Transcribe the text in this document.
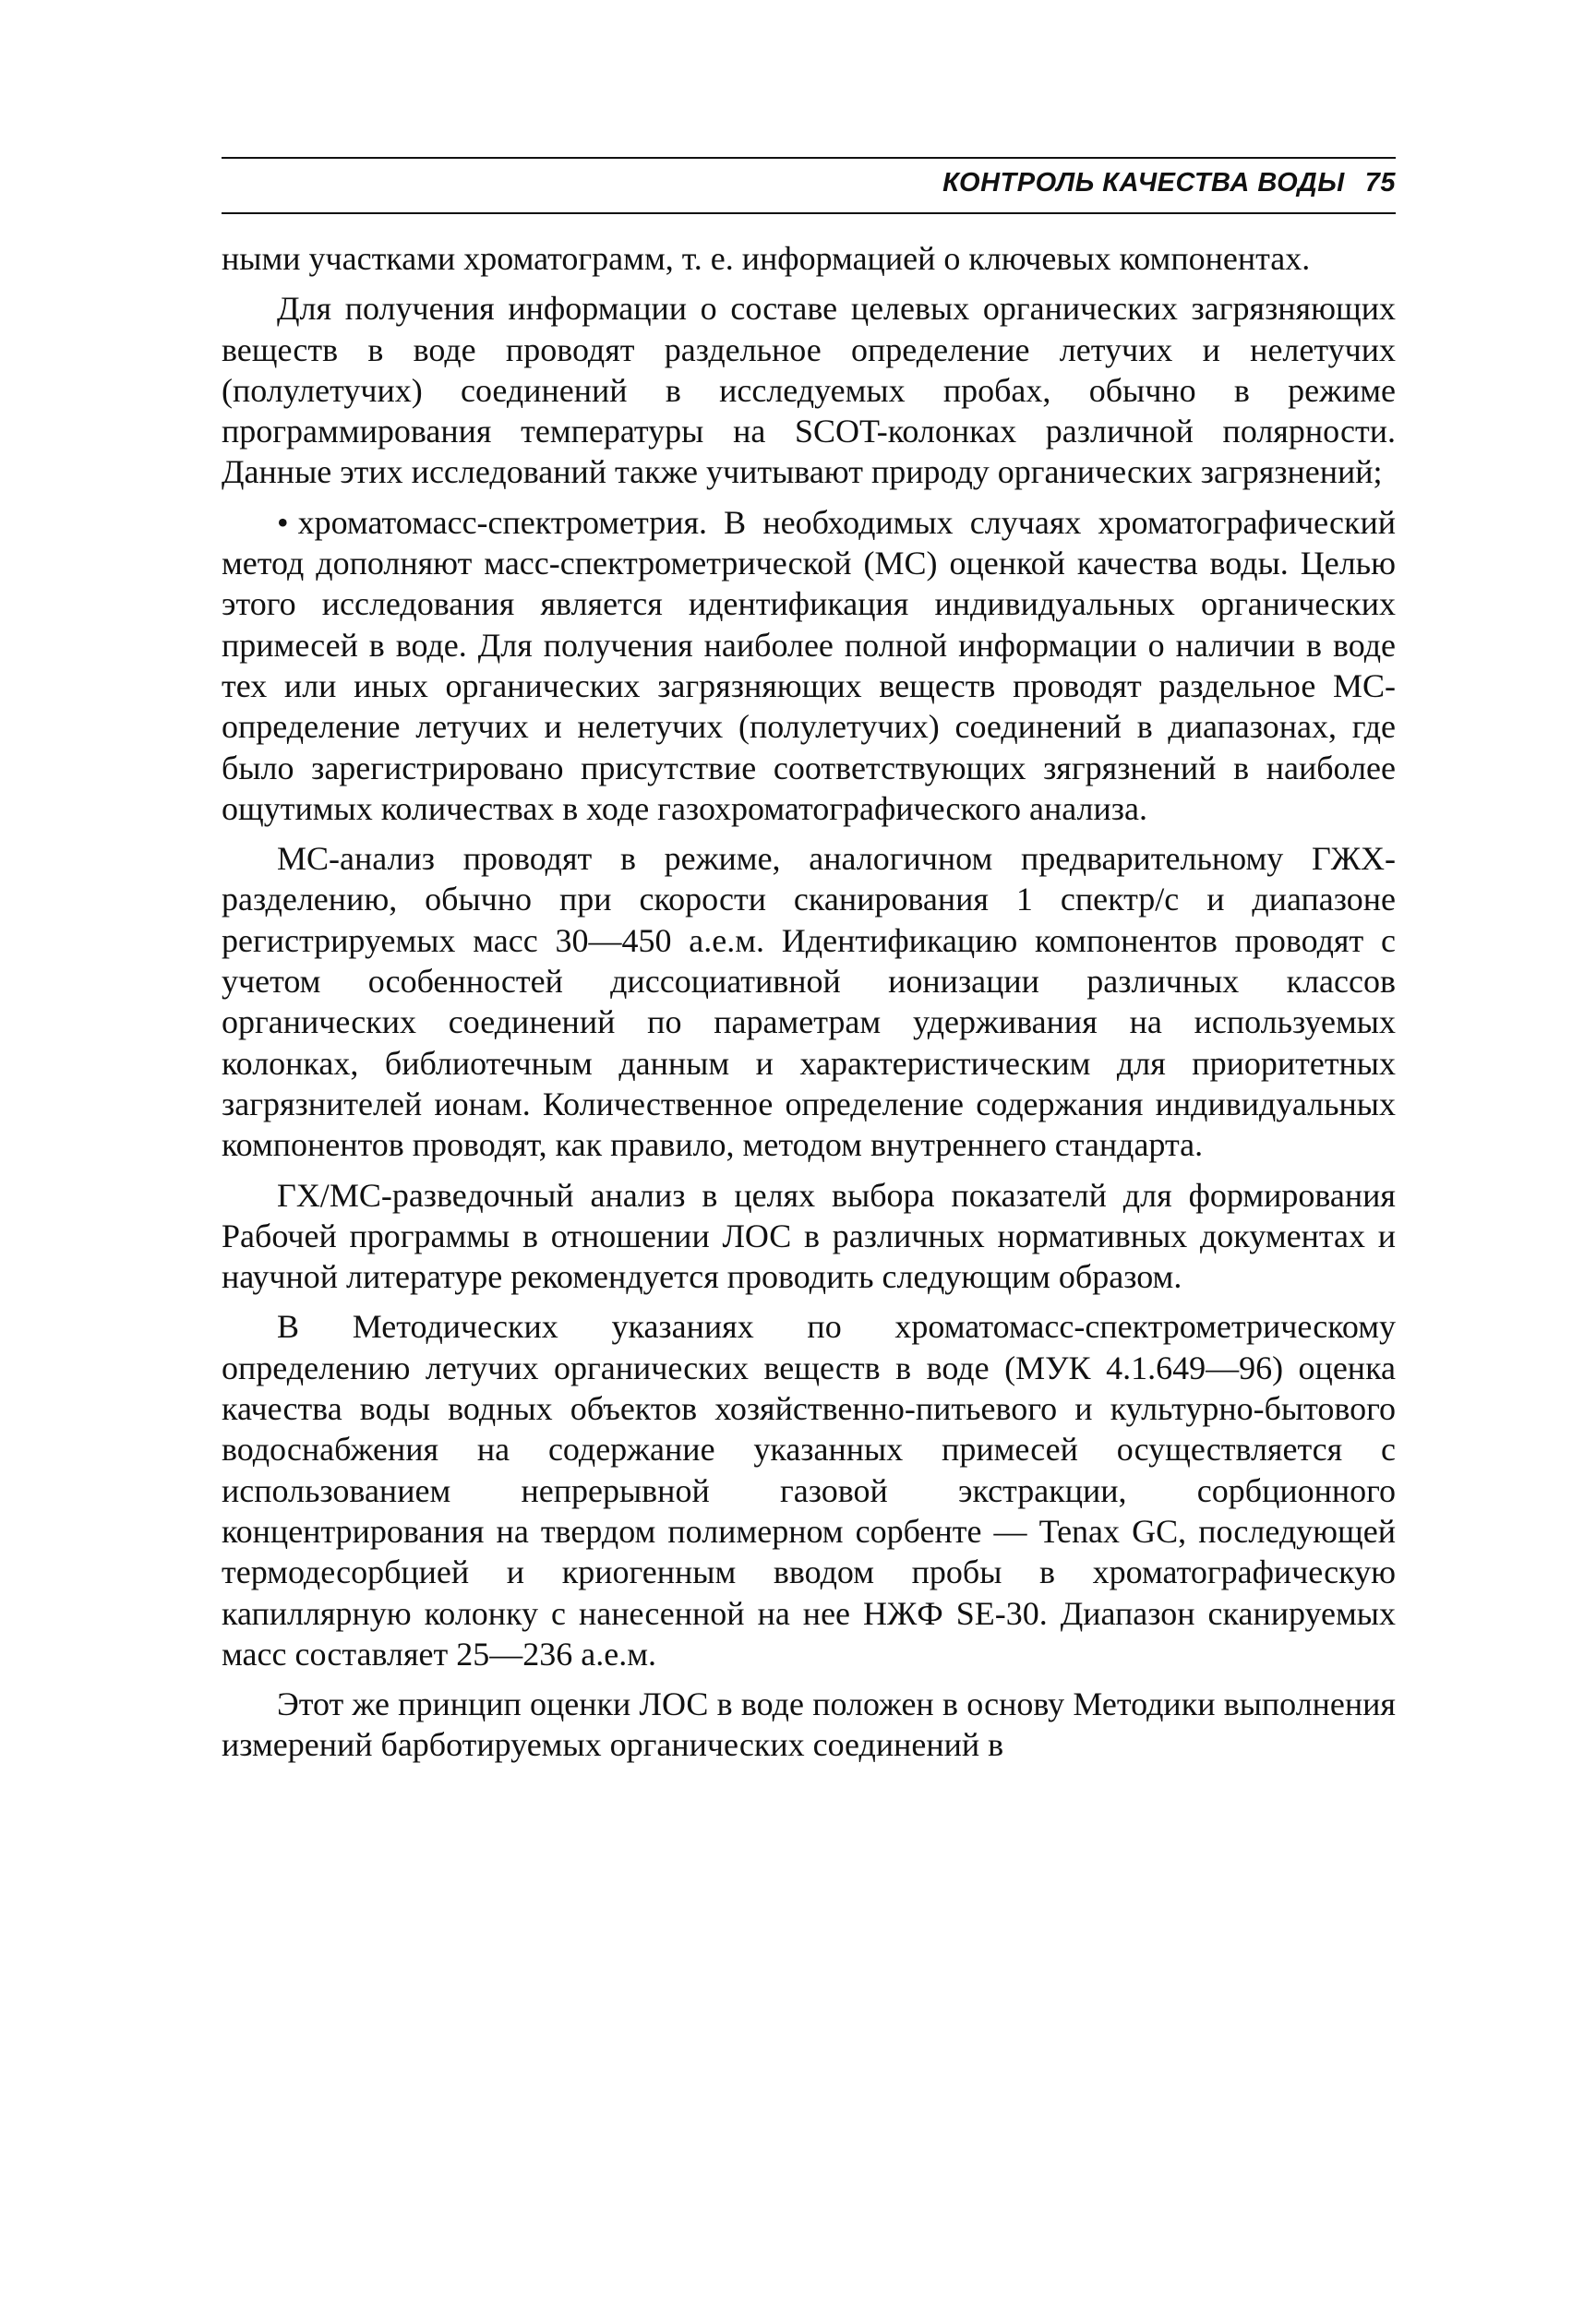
КОНТРОЛЬ КАЧЕСТВА ВОДЫ 75

ными участками хроматограмм, т. е. информацией о ключевых компонентах.

Для получения информации о составе целевых органических загрязняющих веществ в воде проводят раздельное определение летучих и нелетучих (полулетучих) соединений в исследуемых пробах, обычно в режиме программирования температуры на SCOT-колонках различной полярности. Данные этих исследований также учитывают природу органических загрязнений;

• хроматомасс-спектрометрия. В необходимых случаях хроматографический метод дополняют масс-спектрометрической (МС) оценкой качества воды. Целью этого исследования является идентификация индивидуальных органических примесей в воде. Для получения наиболее полной информации о наличии в воде тех или иных органических загрязняющих веществ проводят раздельное МС-определение летучих и нелетучих (полулетучих) соединений в диапазонах, где было зарегистрировано присутствие соответствующих зягрязнений в наиболее ощутимых количествах в ходе газохроматографического анализа.

МС-анализ проводят в режиме, аналогичном предварительному ГЖХ-разделению, обычно при скорости сканирования 1 спектр/с и диапазоне регистрируемых масс 30—450 а.е.м. Идентификацию компонентов проводят с учетом особенностей диссоциативной ионизации различных классов органических соединений по параметрам удерживания на используемых колонках, библиотечным данным и характеристическим для приоритетных загрязнителей ионам. Количественное определение содержания индивидуальных компонентов проводят, как правило, методом внутреннего стандарта.

ГХ/МС-разведочный анализ в целях выбора показателй для формирования Рабочей программы в отношении ЛОС в различных нормативных документах и научной литературе рекомендуется проводить следующим образом.

В Методических указаниях по хроматомасс-спектрометрическому определению летучих органических веществ в воде (МУК 4.1.649—96) оценка качества воды водных объектов хозяйственно-питьевого и культурно-бытового водоснабжения на содержание указанных примесей осуществляется с использованием непрерывной газовой экстракции, сорбционного концентрирования на твердом полимерном сорбенте — Tenax GC, последующей термодесорбцией и криогенным вводом пробы в хроматографическую капиллярную колонку с нанесенной на нее НЖФ SE-30. Диапазон сканируемых масс составляет 25—236 а.е.м.

Этот же принцип оценки ЛОС в воде положен в основу Методики выполнения измерений барботируемых органических соединений в
